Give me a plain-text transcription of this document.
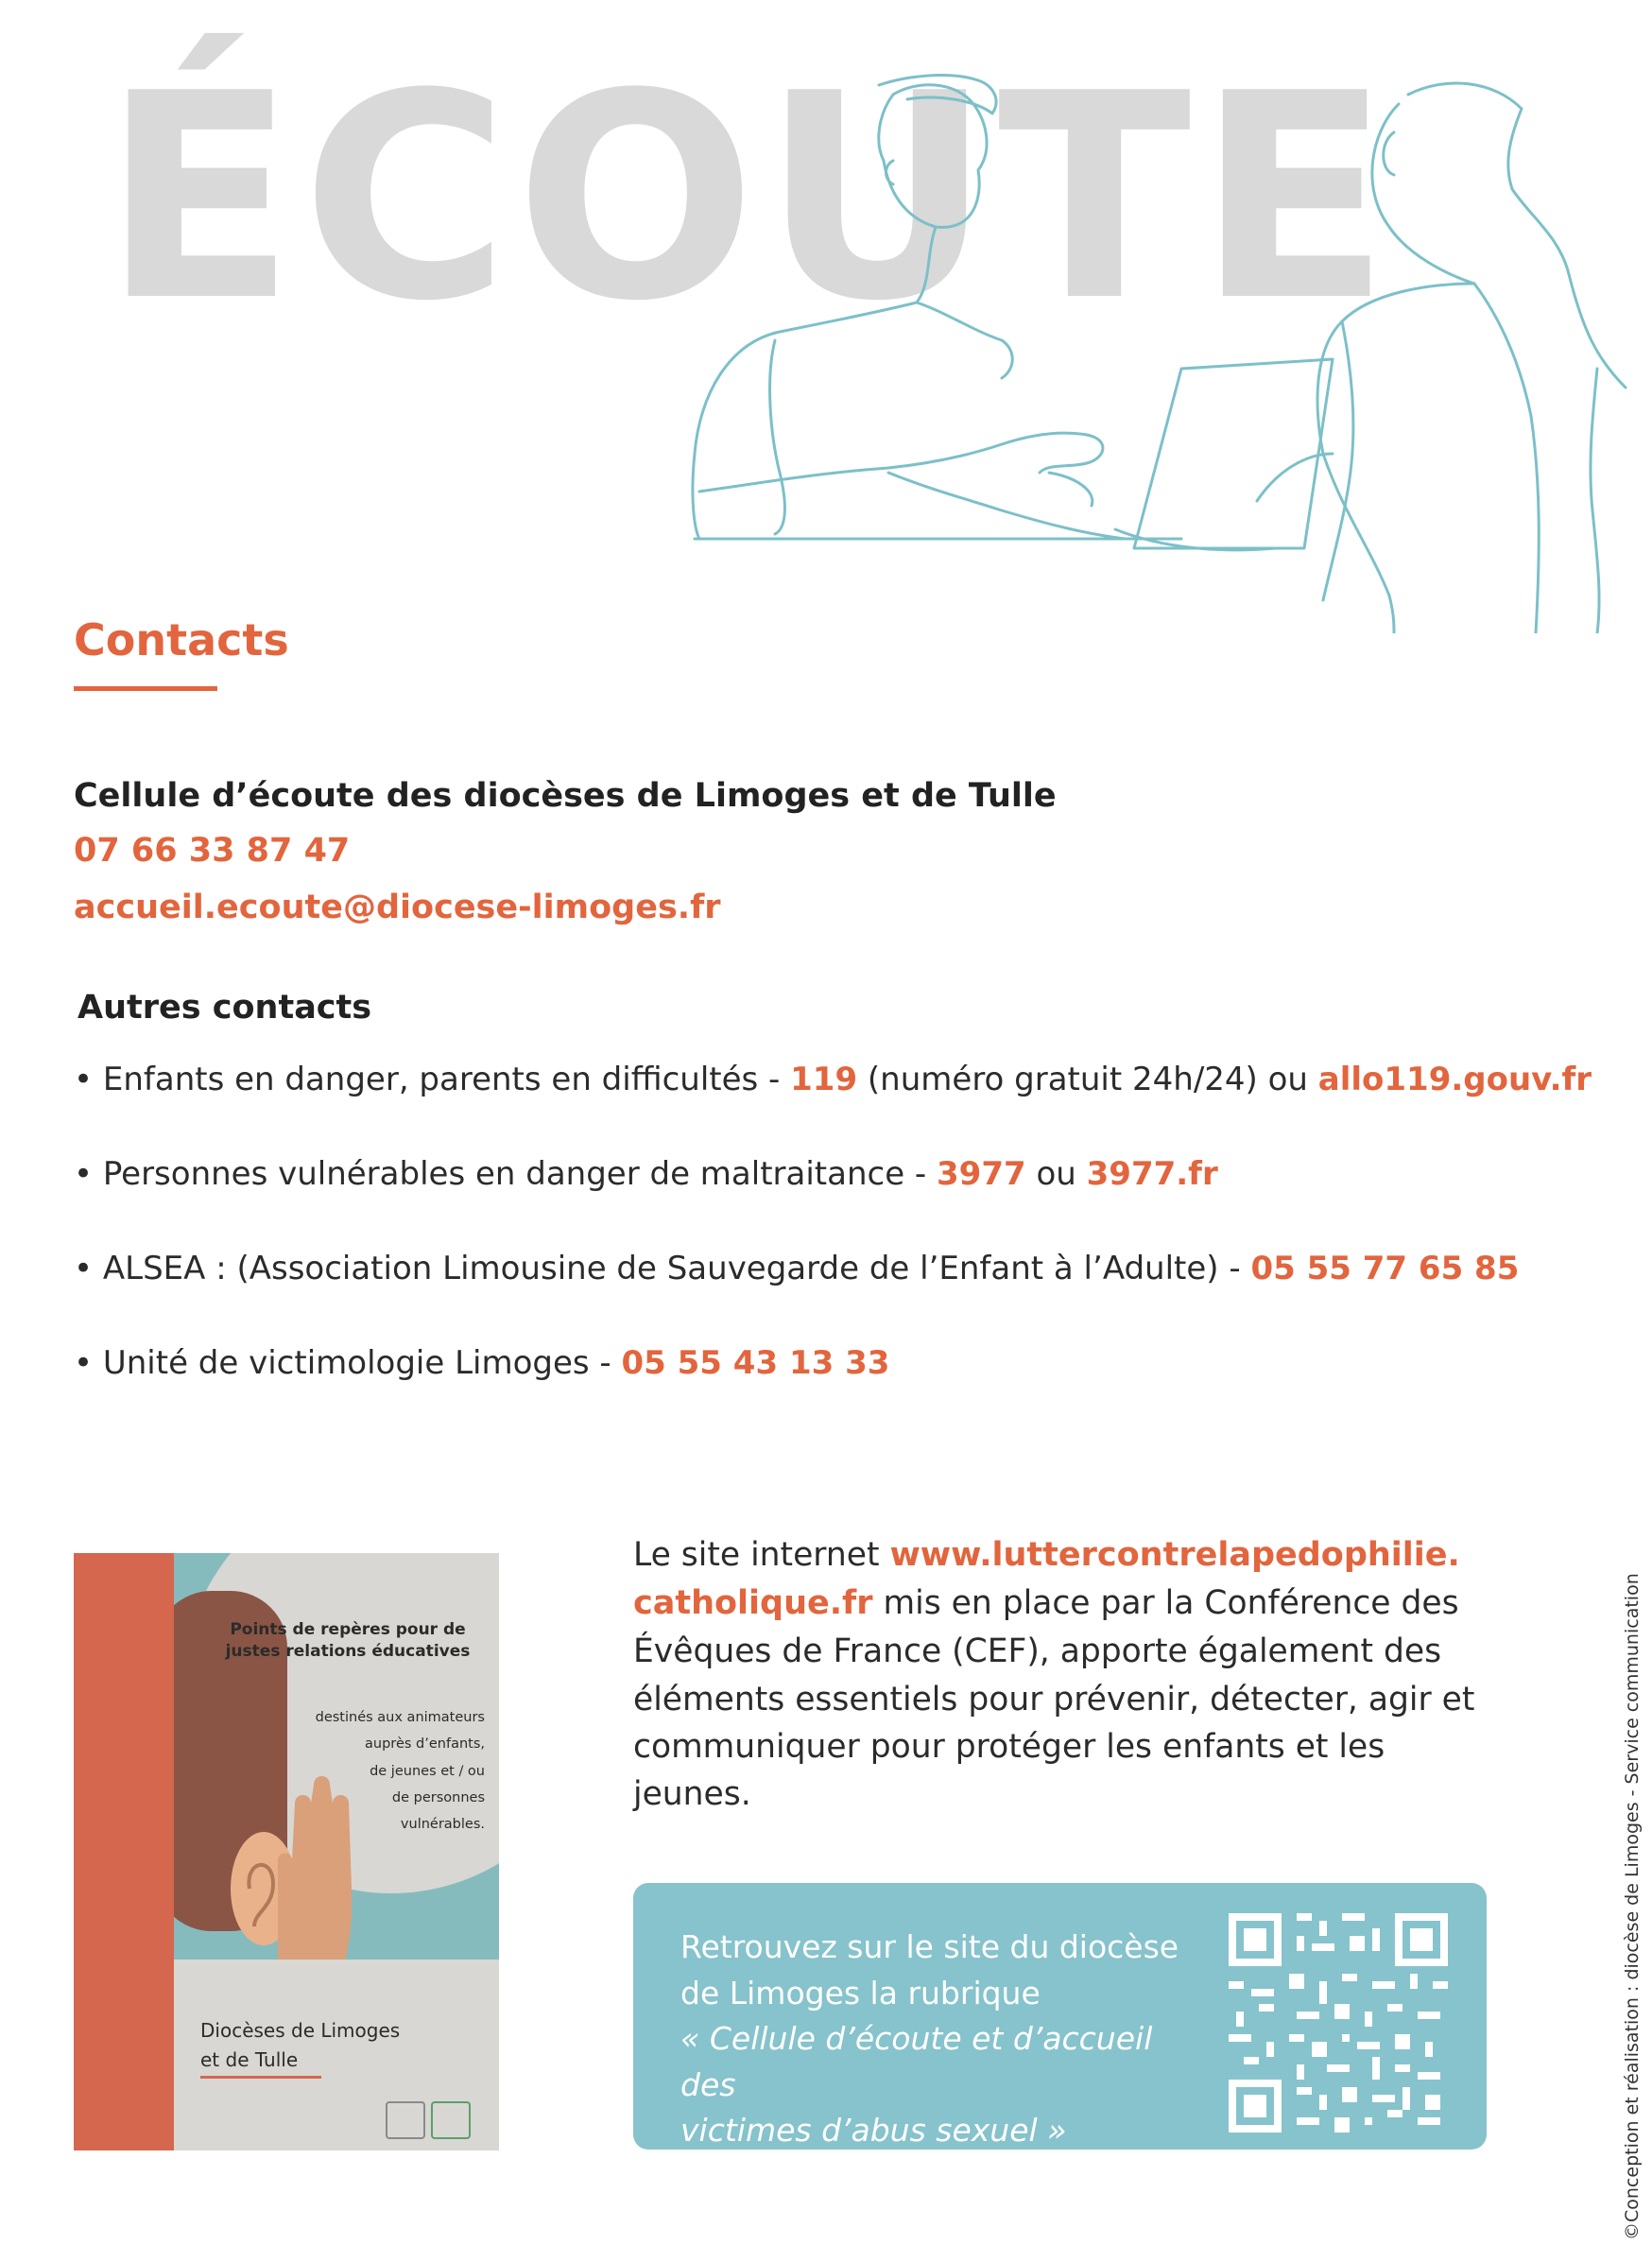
ÉCOUTE
Contacts
Cellule d’écoute des diocèses de Limoges et de Tulle
07 66 33 87 47
accueil.ecoute@diocese-limoges.fr
Autres contacts
• Enfants en danger, parents en difficultés - 119 (numéro gratuit 24h/24) ou allo119.gouv.fr
• Personnes vulnérables en danger de maltraitance - 3977 ou 3977.fr
• ALSEA : (Association Limousine de Sauvegarde de l’Enfant à l’Adulte) - 05 55 77 65 85
• Unité de victimologie Limoges - 05 55 43 13 33
Points de repères pour de justes relations éducatives
destinés aux animateurs
auprès d’enfants,
de jeunes et / ou
de personnes
vulnérables.
Diocèses de Limoges
et de Tulle
Le site internet www.luttercontrelapedophilie.
catholique.fr mis en place par la Conférence des Évêques de France (CEF), apporte également des éléments essentiels pour prévenir, détecter, agir et communiquer pour protéger les enfants et les jeunes.
Retrouvez sur le site du diocèse
de Limoges la rubrique
« Cellule d’écoute et d’accueil des
victimes d’abus sexuel »	©Conception et réalisation : diocèse de Limoges - Service communication
